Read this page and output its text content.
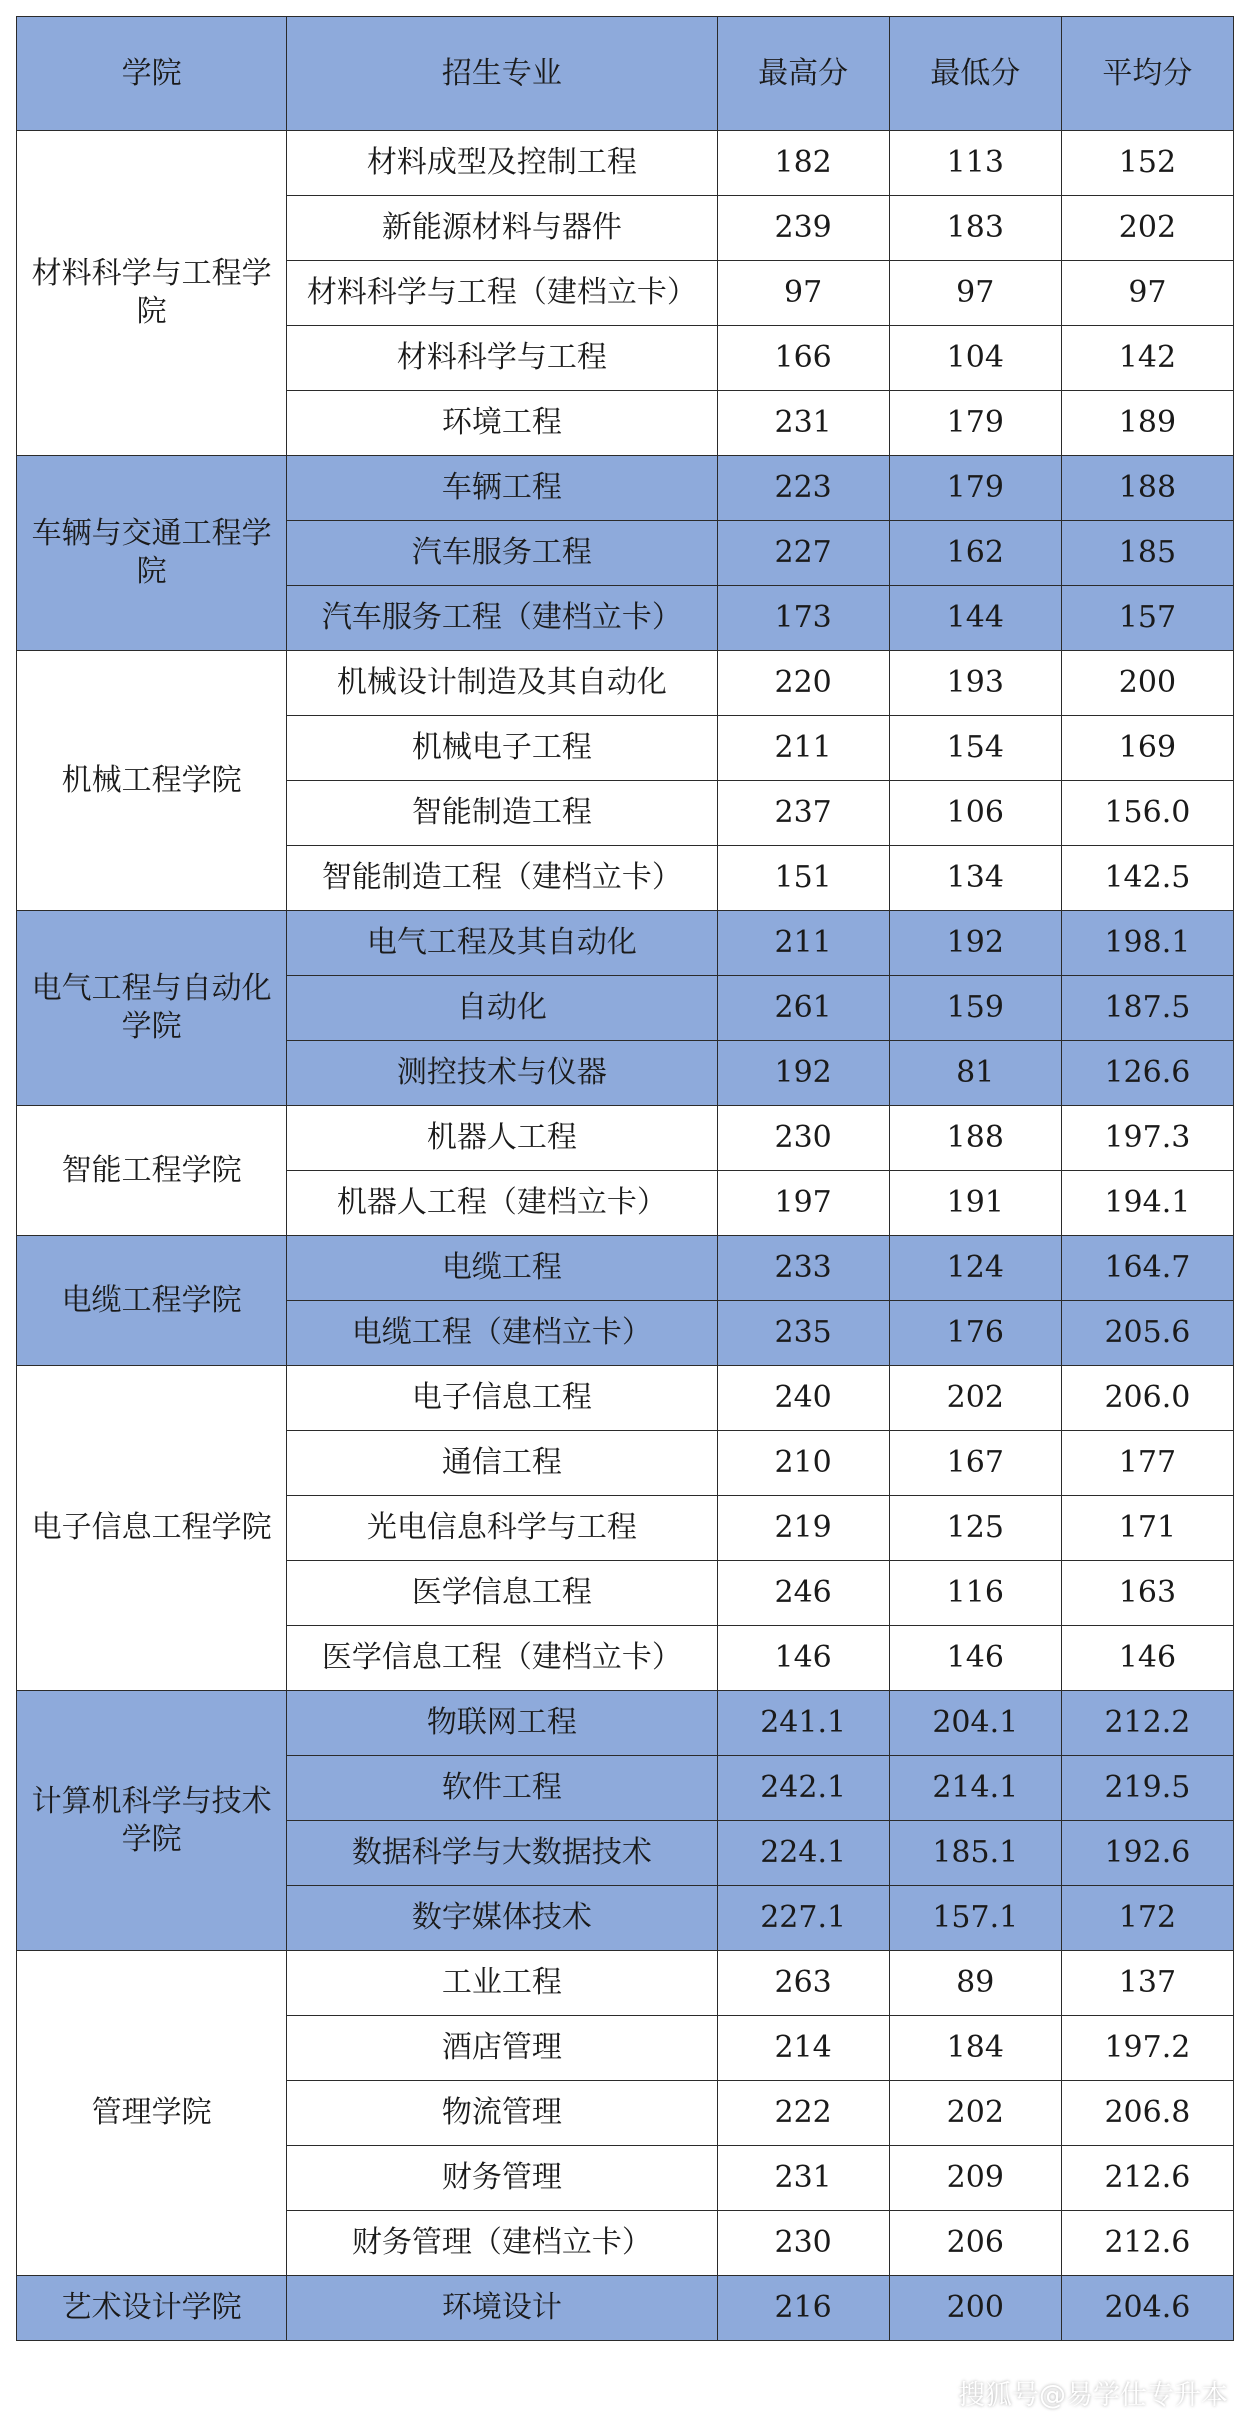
学院	招生专业	最高分	最低分	平均分
材料科学与工程学院	材料成型及控制工程	182	113	152
	新能源材料与器件	239	183	202
	材料科学与工程（建档立卡）	97	97	97
	材料科学与工程	166	104	142
	环境工程	231	179	189
车辆与交通工程学院	车辆工程	223	179	188
	汽车服务工程	227	162	185
	汽车服务工程（建档立卡）	173	144	157
机械工程学院	机械设计制造及其自动化	220	193	200
	机械电子工程	211	154	169
	智能制造工程	237	106	156.0
	智能制造工程（建档立卡）	151	134	142.5
电气工程与自动化学院	电气工程及其自动化	211	192	198.1
	自动化	261	159	187.5
	测控技术与仪器	192	81	126.6
智能工程学院	机器人工程	230	188	197.3
	机器人工程（建档立卡）	197	191	194.1
电缆工程学院	电缆工程	233	124	164.7
	电缆工程（建档立卡）	235	176	205.6
电子信息工程学院	电子信息工程	240	202	206.0
	通信工程	210	167	177
	光电信息科学与工程	219	125	171
	医学信息工程	246	116	163
	医学信息工程（建档立卡）	146	146	146
计算机科学与技术学院	物联网工程	241.1	204.1	212.2
	软件工程	242.1	214.1	219.5
	数据科学与大数据技术	224.1	185.1	192.6
	数字媒体技术	227.1	157.1	172
管理学院	工业工程	263	89	137
	酒店管理	214	184	197.2
	物流管理	222	202	206.8
	财务管理	231	209	212.6
	财务管理（建档立卡）	230	206	212.6
艺术设计学院	环境设计	216	200	204.6
搜狐号@易学仕专升本
